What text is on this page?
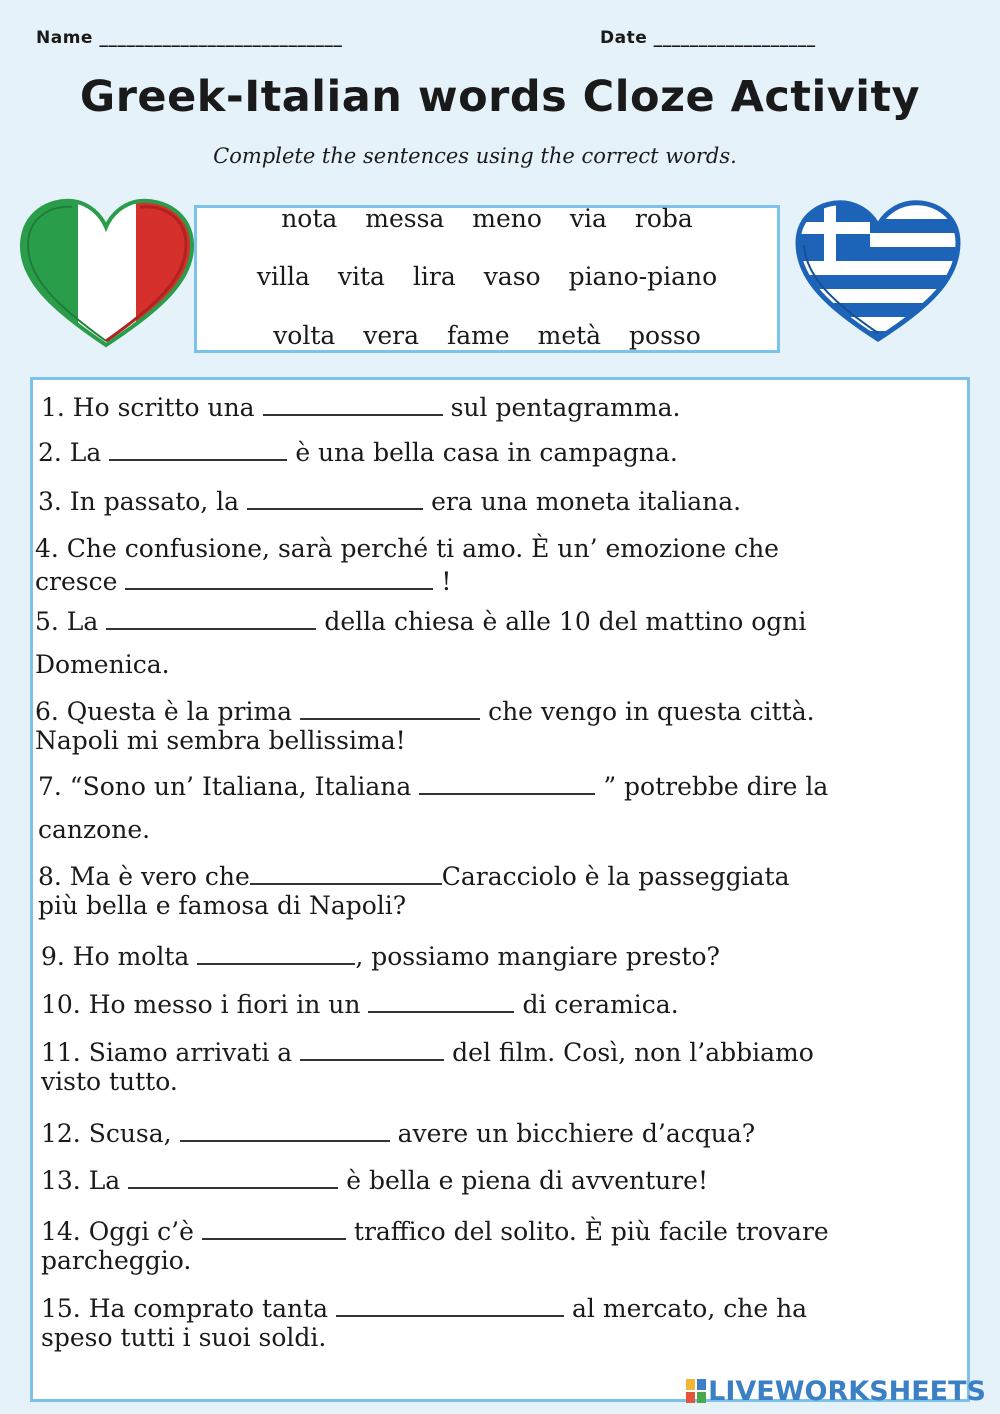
Name ___________________________	Date __________________
Greek-Italian words Cloze Activity
Complete the sentences using the correct words.
nota messa meno via roba
villa vita lira vaso piano-piano
volta vera fame metà posso
1. Ho scritto una	sul pentagramma.
2. La	è una bella casa in campagna.
3. In passato, la	era una moneta italiana.
4. Che confusione, sarà perché ti amo. È un’ emozione che
cresce	!
5. La	della chiesa è alle 10 del mattino ogni
Domenica.
6. Questa è la prima	che vengo in questa città.
Napoli mi sembra bellissima!
7. “Sono un’ Italiana, Italiana	” potrebbe dire la
canzone.
8. Ma è vero che	Caracciolo è la passeggiata
più bella e famosa di Napoli?
9. Ho molta	, possiamo mangiare presto?
10. Ho messo i fiori in un	di ceramica.
11. Siamo arrivati a	del film. Così, non l’abbiamo
visto tutto.
12. Scusa,	avere un bicchiere d’acqua?
13. La	è bella e piena di avventure!
14. Oggi c’è	traffico del solito. È più facile trovare
parcheggio.
15. Ha comprato tanta	al mercato, che ha
speso tutti i suoi soldi.
LIVEWORKSHEETS
